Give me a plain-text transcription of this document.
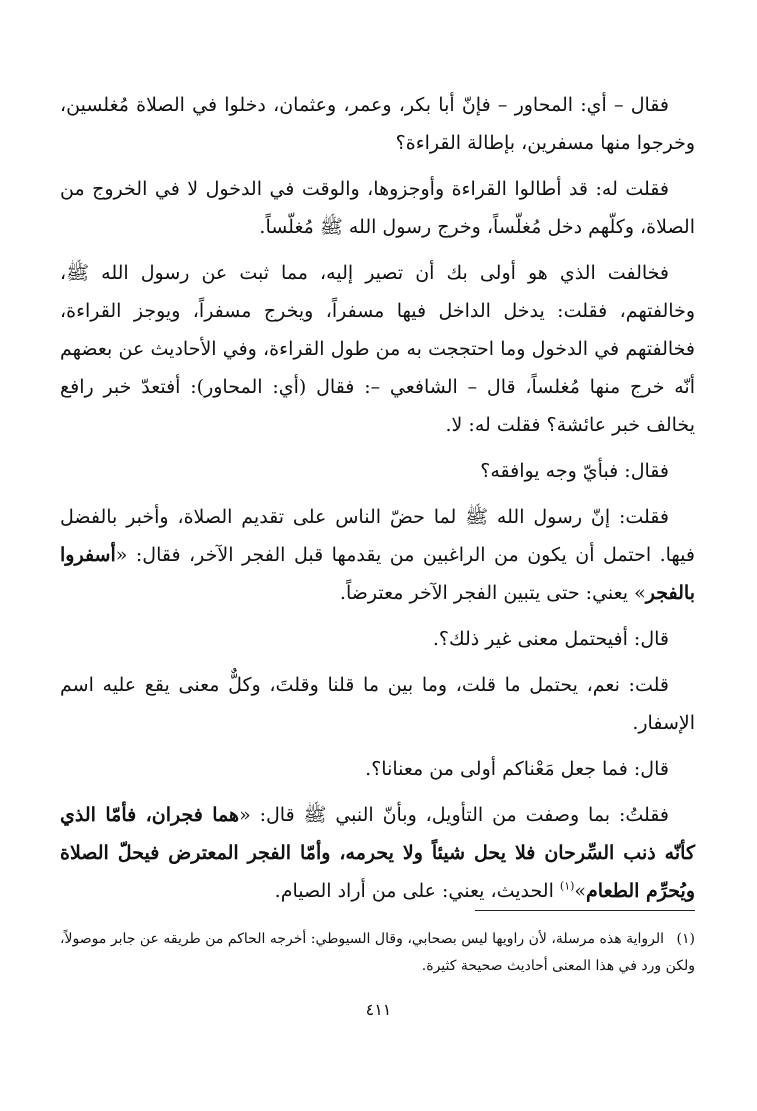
فقال – أي: المحاور – فإنّ أبا بكر، وعمر، وعثمان، دخلوا في الصلاة مُغلسين، وخرجوا منها مسفرين، بإطالة القراءة؟

فقلت له: قد أطالوا القراءة وأوجزوها، والوقت في الدخول لا في الخروج من الصلاة، وكلّهم دخل مُغلّساً، وخرج رسول الله ﷺ مُغلّساً.

فخالفت الذي هو أولى بك أن تصير إليه، مما ثبت عن رسول الله ﷺ، وخالفتهم، فقلت: يدخل الداخل فيها مسفراً، ويخرج مسفراً، ويوجز القراءة، فخالفتهم في الدخول وما احتججت به من طول القراءة، وفي الأحاديث عن بعضهم أنّه خرج منها مُغلساً، قال – الشافعي –: فقال (أي: المحاور): أفتعدّ خبر رافع يخالف خبر عائشة؟ فقلت له: لا.

فقال: فبأيّ وجه يوافقه؟

فقلت: إنّ رسول الله ﷺ لما حضّ الناس على تقديم الصلاة، وأخبر بالفضل فيها. احتمل أن يكون من الراغبين من يقدمها قبل الفجر الآخر، فقال: «أسفروا بالفجر» يعني: حتى يتبين الفجر الآخر معترضاً.

قال: أفيحتمل معنى غير ذلك؟.

قلت: نعم، يحتمل ما قلت، وما بين ما قلنا وقلتَ، وكلٌّ معنى يقع عليه اسم الإسفار.

قال: فما جعل مَعْناكم أولى من معنانا؟.

فقلتُ: بما وصفت من التأويل، وبأنّ النبي ﷺ قال: «هما فجران، فأمّا الذي كأنّه ذنب السِّرحان فلا يحل شيئاً ولا يحرمه، وأمّا الفجر المعترض فيحلّ الصلاة ويُحرِّم الطعام»$^{(١)}$ الحديث، يعني: على من أراد الصيام.

(١) الرواية هذه مرسلة، لأن راويها ليس بصحابي، وقال السيوطي: أخرجه الحاكم من طريقه عن جابر موصولاً، ولكن ورد في هذا المعنى أحاديث صحيحة كثيرة.
٤١١
